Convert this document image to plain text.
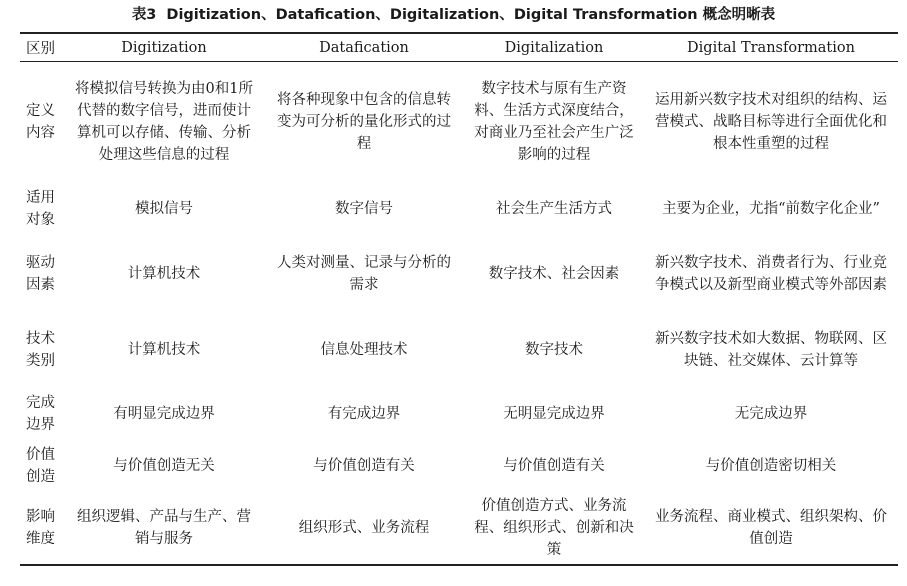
表3 Digitization、Datafication、Digitalization、Digital Transformation 概念明晰表
区别	Digitization	Datafication	Digitalization	Digital Transformation

定义
内容	将模拟信号转换为由0和1所代替的数字信号，进而使计算机可以存储、传输、分析处理这些信息的过程	将各种现象中包含的信息转变为可分析的量化形式的过程	数字技术与原有生产资料、生活方式深度结合，对商业乃至社会产生广泛影响的过程	运用新兴数字技术对组织的结构、运营模式、战略目标等进行全面优化和根本性重塑的过程

适用
对象	模拟信号	数字信号	社会生产生活方式	主要为企业，尤指“前数字化企业”

驱动
因素	计算机技术	人类对测量、记录与分析的需求	数字技术、社会因素	新兴数字技术、消费者行为、行业竞争模式以及新型商业模式等外部因素

技术
类别	计算机技术	信息处理技术	数字技术	新兴数字技术如大数据、物联网、区块链、社交媒体、云计算等

完成
边界	有明显完成边界	有完成边界	无明显完成边界	无完成边界

价值
创造	与价值创造无关	与价值创造有关	与价值创造有关	与价值创造密切相关

影响
维度	组织逻辑、产品与生产、营销与服务	组织形式、业务流程	价值创造方式、业务流程、组织形式、创新和决策	业务流程、商业模式、组织架构、价值创造
